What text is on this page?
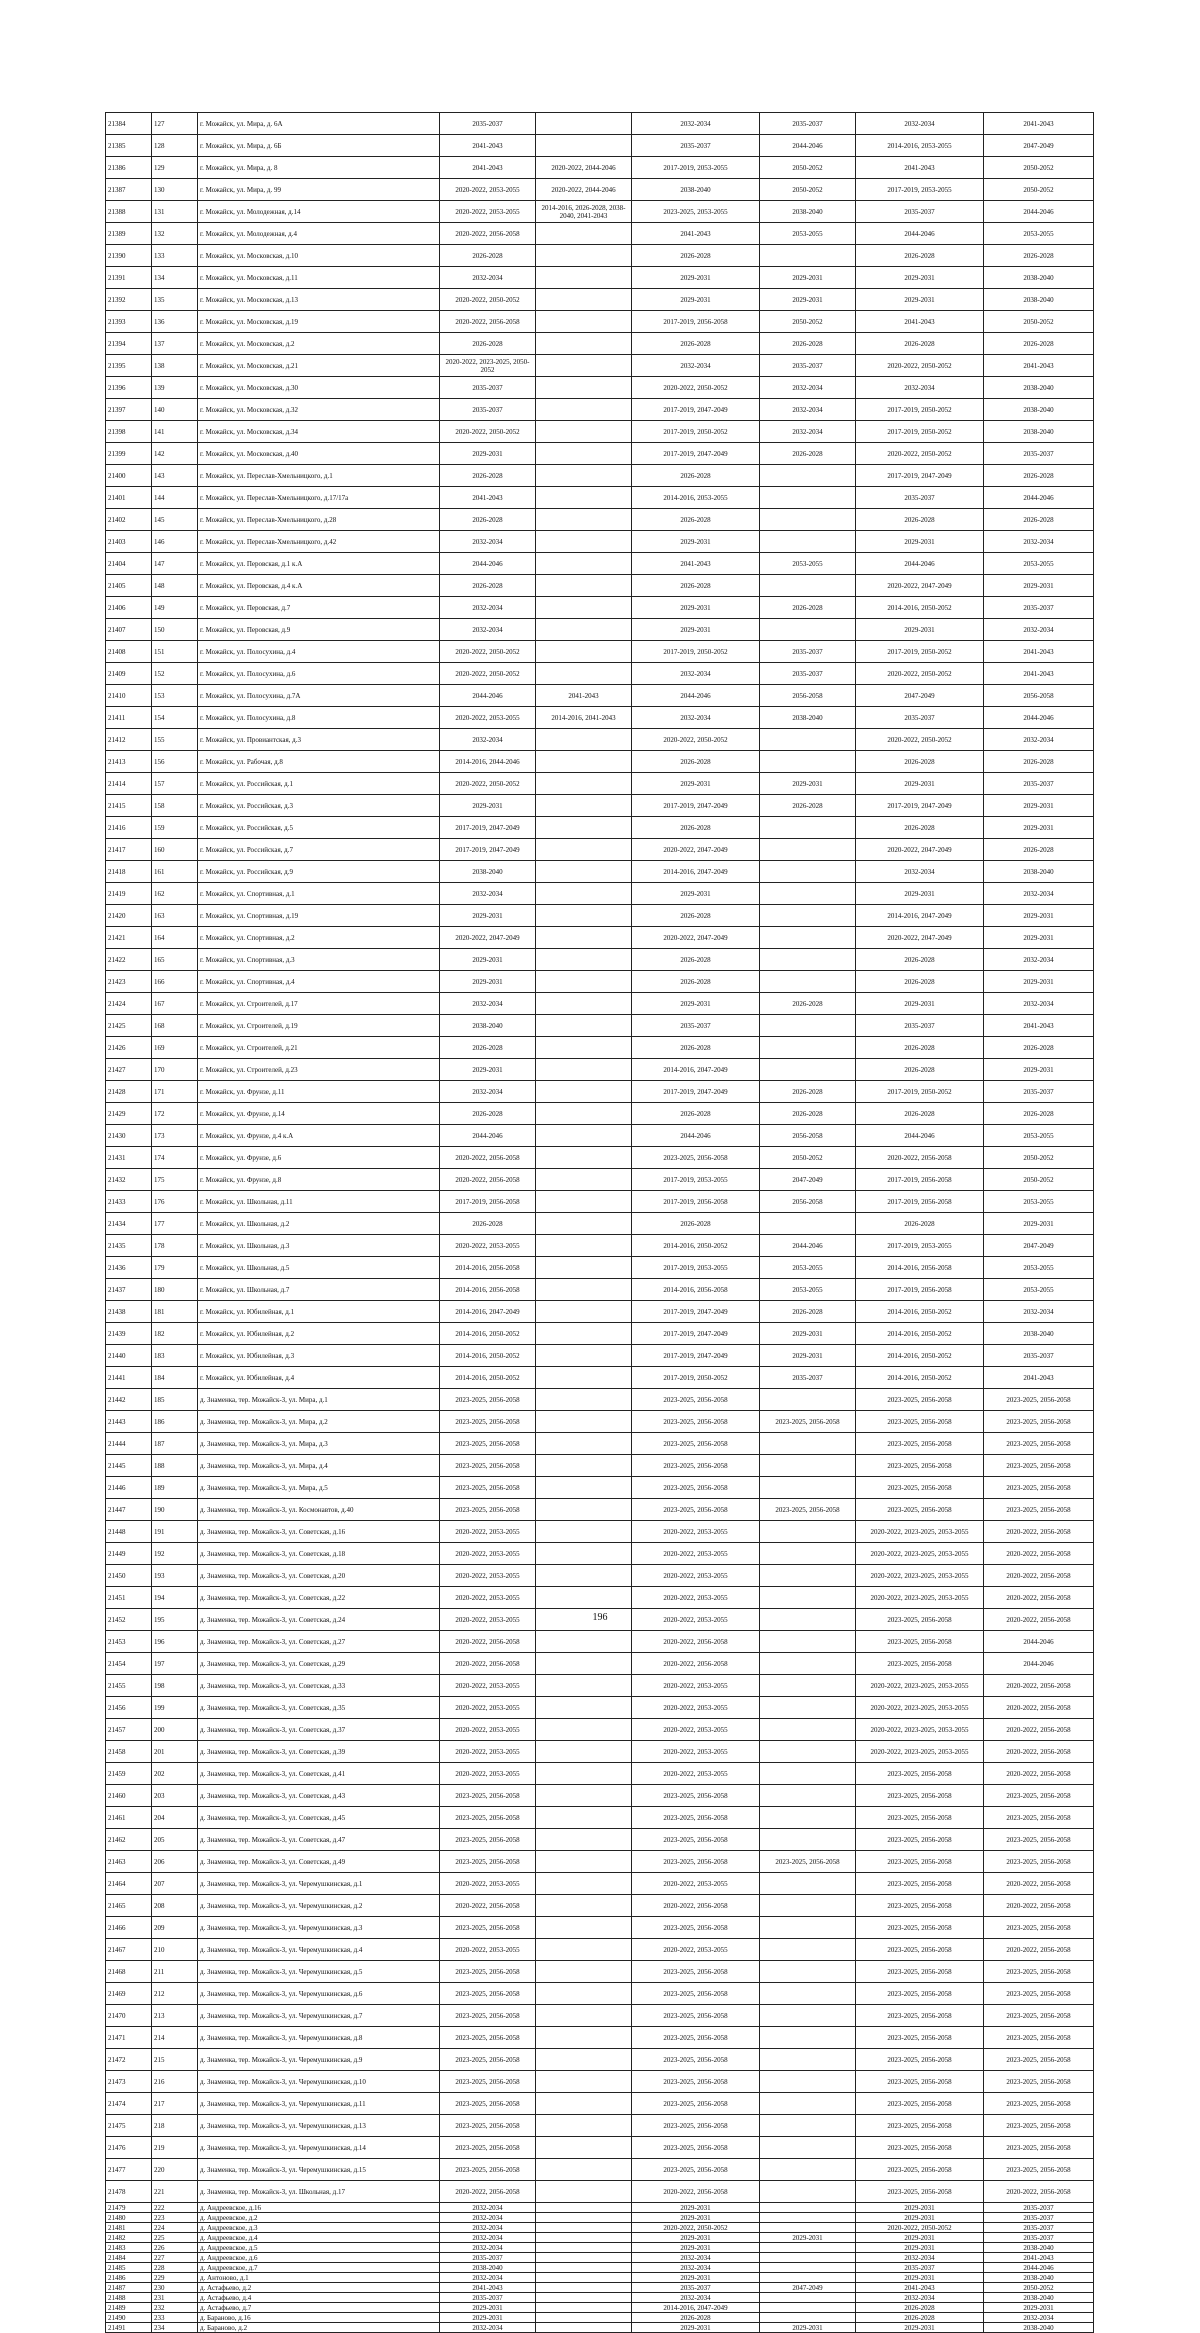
21384	127	г. Можайск, ул. Мира, д. 6А	2035-2037		2032-2034	2035-2037	2032-2034	2041-2043
21385	128	г. Можайск, ул. Мира, д. 6Б	2041-2043		2035-2037	2044-2046	2014-2016, 2053-2055	2047-2049
21386	129	г. Можайск, ул. Мира, д. 8	2041-2043	2020-2022, 2044-2046	2017-2019, 2053-2055	2050-2052	2041-2043	2050-2052
21387	130	г. Можайск, ул. Мира, д. 99	2020-2022, 2053-2055	2020-2022, 2044-2046	2038-2040	2050-2052	2017-2019, 2053-2055	2050-2052
21388	131	г. Можайск, ул. Молодежная, д.14	2020-2022, 2053-2055	2014-2016, 2026-2028, 2038-2040, 2041-2043	2023-2025, 2053-2055	2038-2040	2035-2037	2044-2046
21389	132	г. Можайск, ул. Молодежная, д.4	2020-2022, 2056-2058		2041-2043	2053-2055	2044-2046	2053-2055
21390	133	г. Можайск, ул. Московская, д.10	2026-2028		2026-2028		2026-2028	2026-2028
21391	134	г. Можайск, ул. Московская, д.11	2032-2034		2029-2031	2029-2031	2029-2031	2038-2040
21392	135	г. Можайск, ул. Московская, д.13	2020-2022, 2050-2052		2029-2031	2029-2031	2029-2031	2038-2040
21393	136	г. Можайск, ул. Московская, д.19	2020-2022, 2056-2058		2017-2019, 2056-2058	2050-2052	2041-2043	2050-2052
21394	137	г. Можайск, ул. Московская, д.2	2026-2028		2026-2028	2026-2028	2026-2028	2026-2028
21395	138	г. Можайск, ул. Московская, д.21	2020-2022, 2023-2025, 2050-2052		2032-2034	2035-2037	2020-2022, 2050-2052	2041-2043
21396	139	г. Можайск, ул. Московская, д.30	2035-2037		2020-2022, 2050-2052	2032-2034	2032-2034	2038-2040
21397	140	г. Можайск, ул. Московская, д.32	2035-2037		2017-2019, 2047-2049	2032-2034	2017-2019, 2050-2052	2038-2040
21398	141	г. Можайск, ул. Московская, д.34	2020-2022, 2050-2052		2017-2019, 2050-2052	2032-2034	2017-2019, 2050-2052	2038-2040
21399	142	г. Можайск, ул. Московская, д.40	2029-2031		2017-2019, 2047-2049	2026-2028	2020-2022, 2050-2052	2035-2037
21400	143	г. Можайск, ул. Переслав-Хмельницкого, д.1	2026-2028		2026-2028		2017-2019, 2047-2049	2026-2028
21401	144	г. Можайск, ул. Переслав-Хмельницкого, д.17/17а	2041-2043		2014-2016, 2053-2055		2035-2037	2044-2046
21402	145	г. Можайск, ул. Переслав-Хмельницкого, д.28	2026-2028		2026-2028		2026-2028	2026-2028
21403	146	г. Можайск, ул. Переслав-Хмельницкого, д.42	2032-2034		2029-2031		2029-2031	2032-2034
21404	147	г. Можайск, ул. Перовская, д.1 к.А	2044-2046		2041-2043	2053-2055	2044-2046	2053-2055
21405	148	г. Можайск, ул. Перовская, д.4 к.А	2026-2028		2026-2028		2020-2022, 2047-2049	2029-2031
21406	149	г. Можайск, ул. Перовская, д.7	2032-2034		2029-2031	2026-2028	2014-2016, 2050-2052	2035-2037
21407	150	г. Можайск, ул. Перовская, д.9	2032-2034		2029-2031		2029-2031	2032-2034
21408	151	г. Можайск, ул. Полосухина, д.4	2020-2022, 2050-2052		2017-2019, 2050-2052	2035-2037	2017-2019, 2050-2052	2041-2043
21409	152	г. Можайск, ул. Полосухина, д.6	2020-2022, 2050-2052		2032-2034	2035-2037	2020-2022, 2050-2052	2041-2043
21410	153	г. Можайск, ул. Полосухина, д.7А	2044-2046	2041-2043	2044-2046	2056-2058	2047-2049	2056-2058
21411	154	г. Можайск, ул. Полосухина, д.8	2020-2022, 2053-2055	2014-2016, 2041-2043	2032-2034	2038-2040	2035-2037	2044-2046
21412	155	г. Можайск, ул. Провиантская, д.3	2032-2034		2020-2022, 2050-2052		2020-2022, 2050-2052	2032-2034
21413	156	г. Можайск, ул. Рабочая, д.8	2014-2016, 2044-2046		2026-2028		2026-2028	2026-2028
21414	157	г. Можайск, ул. Российская, д.1	2020-2022, 2050-2052		2029-2031	2029-2031	2029-2031	2035-2037
21415	158	г. Можайск, ул. Российская, д.3	2029-2031		2017-2019, 2047-2049	2026-2028	2017-2019, 2047-2049	2029-2031
21416	159	г. Можайск, ул. Российская, д.5	2017-2019, 2047-2049		2026-2028		2026-2028	2029-2031
21417	160	г. Можайск, ул. Российская, д.7	2017-2019, 2047-2049		2020-2022, 2047-2049		2020-2022, 2047-2049	2026-2028
21418	161	г. Можайск, ул. Российская, д.9	2038-2040		2014-2016, 2047-2049		2032-2034	2038-2040
21419	162	г. Можайск, ул. Спортивная, д.1	2032-2034		2029-2031		2029-2031	2032-2034
21420	163	г. Можайск, ул. Спортивная, д.19	2029-2031		2026-2028		2014-2016, 2047-2049	2029-2031
21421	164	г. Можайск, ул. Спортивная, д.2	2020-2022, 2047-2049		2020-2022, 2047-2049		2020-2022, 2047-2049	2029-2031
21422	165	г. Можайск, ул. Спортивная, д.3	2029-2031		2026-2028		2026-2028	2032-2034
21423	166	г. Можайск, ул. Спортивная, д.4	2029-2031		2026-2028		2026-2028	2029-2031
21424	167	г. Можайск, ул. Строителей, д.17	2032-2034		2029-2031	2026-2028	2029-2031	2032-2034
21425	168	г. Можайск, ул. Строителей, д.19	2038-2040		2035-2037		2035-2037	2041-2043
21426	169	г. Можайск, ул. Строителей, д.21	2026-2028		2026-2028		2026-2028	2026-2028
21427	170	г. Можайск, ул. Строителей, д.23	2029-2031		2014-2016, 2047-2049		2026-2028	2029-2031
21428	171	г. Можайск, ул. Фрунзе, д.11	2032-2034		2017-2019, 2047-2049	2026-2028	2017-2019, 2050-2052	2035-2037
21429	172	г. Можайск, ул. Фрунзе, д.14	2026-2028		2026-2028	2026-2028	2026-2028	2026-2028
21430	173	г. Можайск, ул. Фрунзе, д.4 к.А	2044-2046		2044-2046	2056-2058	2044-2046	2053-2055
21431	174	г. Можайск, ул. Фрунзе, д.6	2020-2022, 2056-2058		2023-2025, 2056-2058	2050-2052	2020-2022, 2056-2058	2050-2052
21432	175	г. Можайск, ул. Фрунзе, д.8	2020-2022, 2056-2058		2017-2019, 2053-2055	2047-2049	2017-2019, 2056-2058	2050-2052
21433	176	г. Можайск, ул. Школьная, д.11	2017-2019, 2056-2058		2017-2019, 2056-2058	2056-2058	2017-2019, 2056-2058	2053-2055
21434	177	г. Можайск, ул. Школьная, д.2	2026-2028		2026-2028		2026-2028	2029-2031
21435	178	г. Можайск, ул. Школьная, д.3	2020-2022, 2053-2055		2014-2016, 2050-2052	2044-2046	2017-2019, 2053-2055	2047-2049
21436	179	г. Можайск, ул. Школьная, д.5	2014-2016, 2056-2058		2017-2019, 2053-2055	2053-2055	2014-2016, 2056-2058	2053-2055
21437	180	г. Можайск, ул. Школьная, д.7	2014-2016, 2056-2058		2014-2016, 2056-2058	2053-2055	2017-2019, 2056-2058	2053-2055
21438	181	г. Можайск, ул. Юбилейная, д.1	2014-2016, 2047-2049		2017-2019, 2047-2049	2026-2028	2014-2016, 2050-2052	2032-2034
21439	182	г. Можайск, ул. Юбилейная, д.2	2014-2016, 2050-2052		2017-2019, 2047-2049	2029-2031	2014-2016, 2050-2052	2038-2040
21440	183	г. Можайск, ул. Юбилейная, д.3	2014-2016, 2050-2052		2017-2019, 2047-2049	2029-2031	2014-2016, 2050-2052	2035-2037
21441	184	г. Можайск, ул. Юбилейная, д.4	2014-2016, 2050-2052		2017-2019, 2050-2052	2035-2037	2014-2016, 2050-2052	2041-2043
21442	185	д. Знаменка, тер. Можайск-3, ул. Мира, д.1	2023-2025, 2056-2058		2023-2025, 2056-2058		2023-2025, 2056-2058	2023-2025, 2056-2058
21443	186	д. Знаменка, тер. Можайск-3, ул. Мира, д.2	2023-2025, 2056-2058		2023-2025, 2056-2058	2023-2025, 2056-2058	2023-2025, 2056-2058	2023-2025, 2056-2058
21444	187	д. Знаменка, тер. Можайск-3, ул. Мира, д.3	2023-2025, 2056-2058		2023-2025, 2056-2058		2023-2025, 2056-2058	2023-2025, 2056-2058
21445	188	д. Знаменка, тер. Можайск-3, ул. Мира, д.4	2023-2025, 2056-2058		2023-2025, 2056-2058		2023-2025, 2056-2058	2023-2025, 2056-2058
21446	189	д. Знаменка, тер. Можайск-3, ул. Мира, д.5	2023-2025, 2056-2058		2023-2025, 2056-2058		2023-2025, 2056-2058	2023-2025, 2056-2058
21447	190	д. Знаменка, тер. Можайск-3, ул. Космонавтов, д.40	2023-2025, 2056-2058		2023-2025, 2056-2058	2023-2025, 2056-2058	2023-2025, 2056-2058	2023-2025, 2056-2058
21448	191	д. Знаменка, тер. Можайск-3, ул. Советская, д.16	2020-2022, 2053-2055		2020-2022, 2053-2055		2020-2022, 2023-2025, 2053-2055	2020-2022, 2056-2058
21449	192	д. Знаменка, тер. Можайск-3, ул. Советская, д.18	2020-2022, 2053-2055		2020-2022, 2053-2055		2020-2022, 2023-2025, 2053-2055	2020-2022, 2056-2058
21450	193	д. Знаменка, тер. Можайск-3, ул. Советская, д.20	2020-2022, 2053-2055		2020-2022, 2053-2055		2020-2022, 2023-2025, 2053-2055	2020-2022, 2056-2058
21451	194	д. Знаменка, тер. Можайск-3, ул. Советская, д.22	2020-2022, 2053-2055		2020-2022, 2053-2055		2020-2022, 2023-2025, 2053-2055	2020-2022, 2056-2058
21452	195	д. Знаменка, тер. Можайск-3, ул. Советская, д.24	2020-2022, 2053-2055		2020-2022, 2053-2055		2023-2025, 2056-2058	2020-2022, 2056-2058
21453	196	д. Знаменка, тер. Можайск-3, ул. Советская, д.27	2020-2022, 2056-2058		2020-2022, 2056-2058		2023-2025, 2056-2058	2044-2046
21454	197	д. Знаменка, тер. Можайск-3, ул. Советская, д.29	2020-2022, 2056-2058		2020-2022, 2056-2058		2023-2025, 2056-2058	2044-2046
21455	198	д. Знаменка, тер. Можайск-3, ул. Советская, д.33	2020-2022, 2053-2055		2020-2022, 2053-2055		2020-2022, 2023-2025, 2053-2055	2020-2022, 2056-2058
21456	199	д. Знаменка, тер. Можайск-3, ул. Советская, д.35	2020-2022, 2053-2055		2020-2022, 2053-2055		2020-2022, 2023-2025, 2053-2055	2020-2022, 2056-2058
21457	200	д. Знаменка, тер. Можайск-3, ул. Советская, д.37	2020-2022, 2053-2055		2020-2022, 2053-2055		2020-2022, 2023-2025, 2053-2055	2020-2022, 2056-2058
21458	201	д. Знаменка, тер. Можайск-3, ул. Советская, д.39	2020-2022, 2053-2055		2020-2022, 2053-2055		2020-2022, 2023-2025, 2053-2055	2020-2022, 2056-2058
21459	202	д. Знаменка, тер. Можайск-3, ул. Советская, д.41	2020-2022, 2053-2055		2020-2022, 2053-2055		2023-2025, 2056-2058	2020-2022, 2056-2058
21460	203	д. Знаменка, тер. Можайск-3, ул. Советская, д.43	2023-2025, 2056-2058		2023-2025, 2056-2058		2023-2025, 2056-2058	2023-2025, 2056-2058
21461	204	д. Знаменка, тер. Можайск-3, ул. Советская, д.45	2023-2025, 2056-2058		2023-2025, 2056-2058		2023-2025, 2056-2058	2023-2025, 2056-2058
21462	205	д. Знаменка, тер. Можайск-3, ул. Советская, д.47	2023-2025, 2056-2058		2023-2025, 2056-2058		2023-2025, 2056-2058	2023-2025, 2056-2058
21463	206	д. Знаменка, тер. Можайск-3, ул. Советская, д.49	2023-2025, 2056-2058		2023-2025, 2056-2058	2023-2025, 2056-2058	2023-2025, 2056-2058	2023-2025, 2056-2058
21464	207	д. Знаменка, тер. Можайск-3, ул. Черемушкинская, д.1	2020-2022, 2053-2055		2020-2022, 2053-2055		2023-2025, 2056-2058	2020-2022, 2056-2058
21465	208	д. Знаменка, тер. Можайск-3, ул. Черемушкинская, д.2	2020-2022, 2056-2058		2020-2022, 2056-2058		2023-2025, 2056-2058	2020-2022, 2056-2058
21466	209	д. Знаменка, тер. Можайск-3, ул. Черемушкинская, д.3	2023-2025, 2056-2058		2023-2025, 2056-2058		2023-2025, 2056-2058	2023-2025, 2056-2058
21467	210	д. Знаменка, тер. Можайск-3, ул. Черемушкинская, д.4	2020-2022, 2053-2055		2020-2022, 2053-2055		2023-2025, 2056-2058	2020-2022, 2056-2058
21468	211	д. Знаменка, тер. Можайск-3, ул. Черемушкинская, д.5	2023-2025, 2056-2058		2023-2025, 2056-2058		2023-2025, 2056-2058	2023-2025, 2056-2058
21469	212	д. Знаменка, тер. Можайск-3, ул. Черемушкинская, д.6	2023-2025, 2056-2058		2023-2025, 2056-2058		2023-2025, 2056-2058	2023-2025, 2056-2058
21470	213	д. Знаменка, тер. Можайск-3, ул. Черемушкинская, д.7	2023-2025, 2056-2058		2023-2025, 2056-2058		2023-2025, 2056-2058	2023-2025, 2056-2058
21471	214	д. Знаменка, тер. Можайск-3, ул. Черемушкинская, д.8	2023-2025, 2056-2058		2023-2025, 2056-2058		2023-2025, 2056-2058	2023-2025, 2056-2058
21472	215	д. Знаменка, тер. Можайск-3, ул. Черемушкинская, д.9	2023-2025, 2056-2058		2023-2025, 2056-2058		2023-2025, 2056-2058	2023-2025, 2056-2058
21473	216	д. Знаменка, тер. Можайск-3, ул. Черемушкинская, д.10	2023-2025, 2056-2058		2023-2025, 2056-2058		2023-2025, 2056-2058	2023-2025, 2056-2058
21474	217	д. Знаменка, тер. Можайск-3, ул. Черемушкинская, д.11	2023-2025, 2056-2058		2023-2025, 2056-2058		2023-2025, 2056-2058	2023-2025, 2056-2058
21475	218	д. Знаменка, тер. Можайск-3, ул. Черемушкинская, д.13	2023-2025, 2056-2058		2023-2025, 2056-2058		2023-2025, 2056-2058	2023-2025, 2056-2058
21476	219	д. Знаменка, тер. Можайск-3, ул. Черемушкинская, д.14	2023-2025, 2056-2058		2023-2025, 2056-2058		2023-2025, 2056-2058	2023-2025, 2056-2058
21477	220	д. Знаменка, тер. Можайск-3, ул. Черемушкинская, д.15	2023-2025, 2056-2058		2023-2025, 2056-2058		2023-2025, 2056-2058	2023-2025, 2056-2058
21478	221	д. Знаменка, тер. Можайск-3, ул. Школьная, д.17	2020-2022, 2056-2058		2020-2022, 2056-2058		2023-2025, 2056-2058	2020-2022, 2056-2058
21479	222	д. Андреевское, д.16	2032-2034		2029-2031		2029-2031	2035-2037
21480	223	д. Андреевское, д.2	2032-2034		2029-2031		2029-2031	2035-2037
21481	224	д. Андреевское, д.3	2032-2034		2020-2022, 2050-2052		2020-2022, 2050-2052	2035-2037
21482	225	д. Андреевское, д.4	2032-2034		2029-2031	2029-2031	2029-2031	2035-2037
21483	226	д. Андреевское, д.5	2032-2034		2029-2031		2029-2031	2038-2040
21484	227	д. Андреевское, д.6	2035-2037		2032-2034		2032-2034	2041-2043
21485	228	д. Андреевское, д.7	2038-2040		2032-2034		2035-2037	2044-2046
21486	229	д. Антоново, д.1	2032-2034		2029-2031		2029-2031	2038-2040
21487	230	д. Астафьево, д.2	2041-2043		2035-2037	2047-2049	2041-2043	2050-2052
21488	231	д. Астафьево, д.4	2035-2037		2032-2034		2032-2034	2038-2040
21489	232	д. Астафьево, д.7	2029-2031		2014-2016, 2047-2049		2026-2028	2029-2031
21490	233	д. Бараново, д.16	2029-2031		2026-2028		2026-2028	2032-2034
21491	234	д. Бараново, д.2	2032-2034		2029-2031	2029-2031	2029-2031	2038-2040
196
